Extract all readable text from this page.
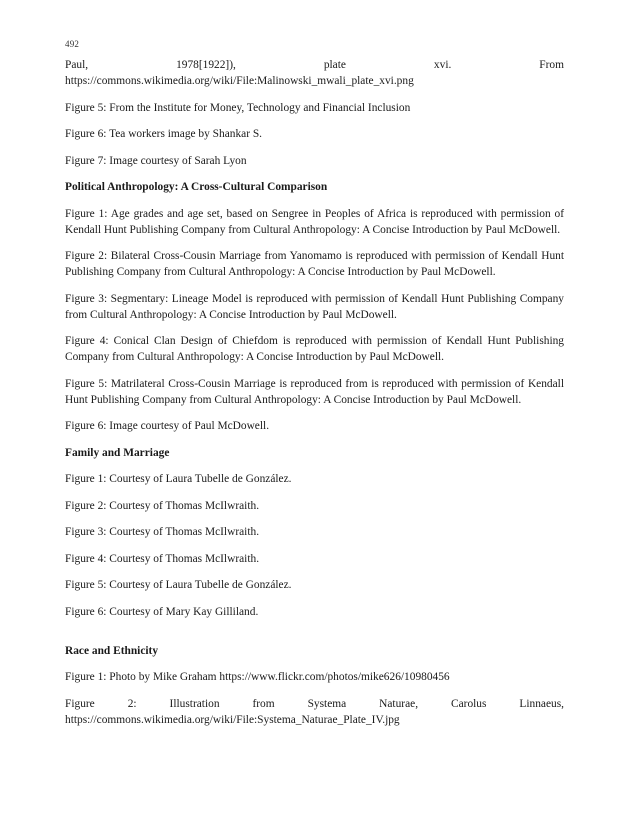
492

Paul, 1978[1922]), plate xvi. From https://commons.wikimedia.org/wiki/File:Malinowski_mwali_plate_xvi.png

Figure 5: From the Institute for Money, Technology and Financial Inclusion

Figure 6: Tea workers image by Shankar S.

Figure 7: Image courtesy of Sarah Lyon

Political Anthropology: A Cross-Cultural Comparison

Figure 1: Age grades and age set, based on Sengree in Peoples of Africa is reproduced with permission of Kendall Hunt Publishing Company from Cultural Anthropology: A Concise Introduction by Paul McDowell.

Figure 2: Bilateral Cross-Cousin Marriage from Yanomamo is reproduced with permission of Kendall Hunt Publishing Company from Cultural Anthropology: A Concise Introduction by Paul McDowell.

Figure 3: Segmentary: Lineage Model is reproduced with permission of Kendall Hunt Publishing Company from Cultural Anthropology: A Concise Introduction by Paul McDowell.

Figure 4: Conical Clan Design of Chiefdom is reproduced with permission of Kendall Hunt Publishing Company from Cultural Anthropology: A Concise Introduction by Paul McDowell.

Figure 5: Matrilateral Cross-Cousin Marriage is reproduced from is reproduced with permission of Kendall Hunt Publishing Company from Cultural Anthropology: A Concise Introduction by Paul McDowell.

Figure 6: Image courtesy of Paul McDowell.

Family and Marriage

Figure 1: Courtesy of Laura Tubelle de González.

Figure 2: Courtesy of Thomas McIlwraith.

Figure 3: Courtesy of Thomas McIlwraith.

Figure 4: Courtesy of Thomas McIlwraith.

Figure 5: Courtesy of Laura Tubelle de González.

Figure 6: Courtesy of Mary Kay Gilliland.

Race and Ethnicity

Figure 1: Photo by Mike Graham https://www.flickr.com/photos/mike626/10980456

Figure 2: Illustration from Systema Naturae, Carolus Linnaeus, https://commons.wikimedia.org/wiki/File:Systema_Naturae_Plate_IV.jpg
